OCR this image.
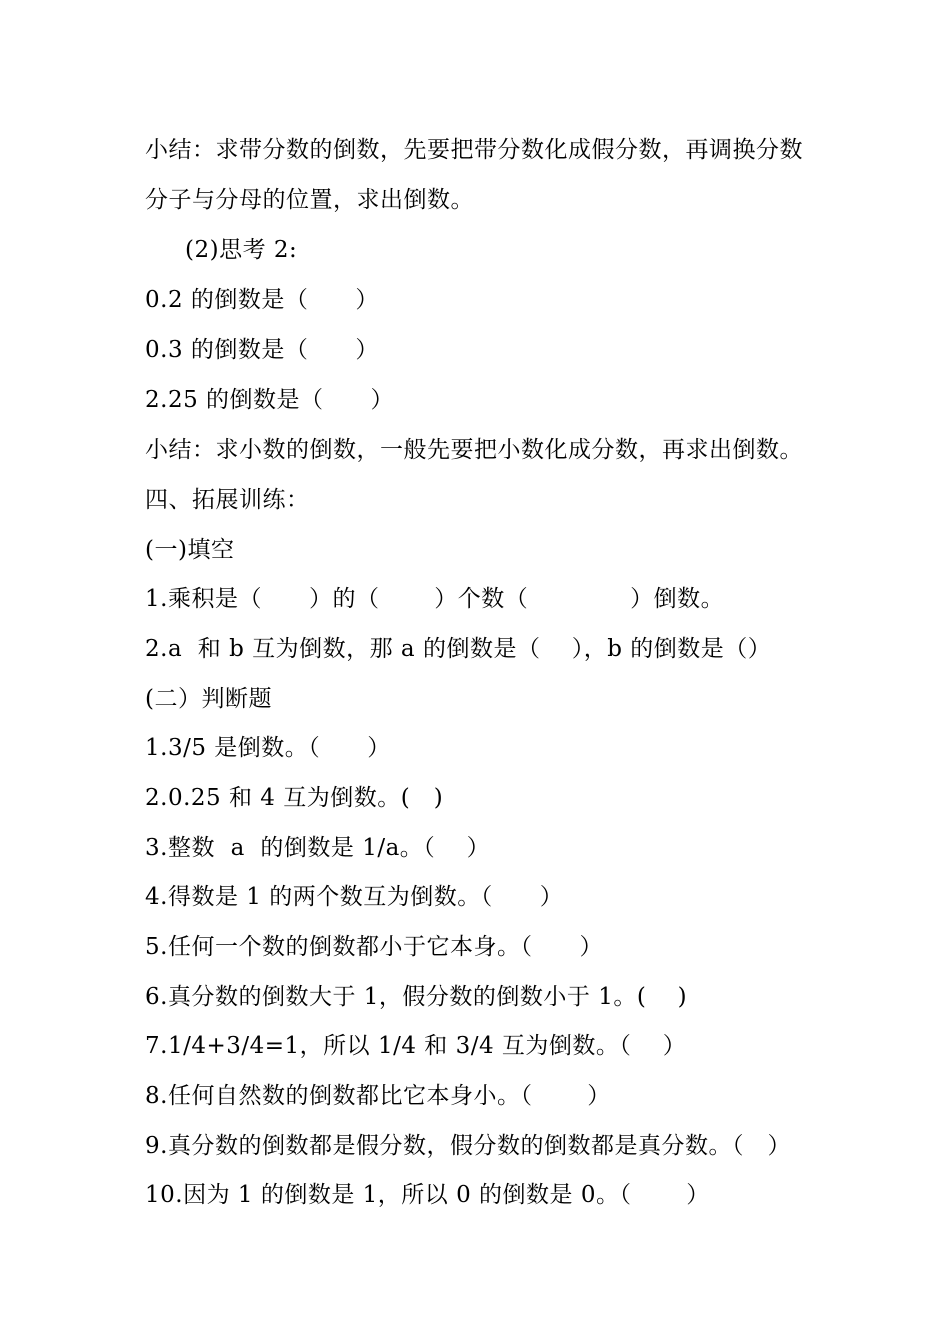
小结：求带分数的倒数，先要把带分数化成假分数，再调换分数
分子与分母的位置，求出倒数。
(2)思考 2:
0.2 的倒数是（　　）
0.3 的倒数是（　　）
2.25 的倒数是（　　）
小结：求小数的倒数，一般先要把小数化成分数，再求出倒数。
四、拓展训练：
(一)填空
1.乘积是（　　）的（　　 ）个数（　　　　 ）倒数。
2.a  和 b 互为倒数，那 a 的倒数是（　 ），b 的倒数是（）
(二）判断题
1.3/5 是倒数。（　　）
2.0.25 和 4 互为倒数。(　)
3.整数  a  的倒数是 1/a。（　 ）
4.得数是 1 的两个数互为倒数。（　　）
5.任何一个数的倒数都小于它本身。（　　）
6.真分数的倒数大于 1，假分数的倒数小于 1。(　 )
7.1/4+3/4=1，所以 1/4 和 3/4 互为倒数。（　 ）
8.任何自然数的倒数都比它本身小。（　　 ）
9.真分数的倒数都是假分数，假分数的倒数都是真分数。（　）
10.因为 1 的倒数是 1，所以 0 的倒数是 0。（　　 ）
